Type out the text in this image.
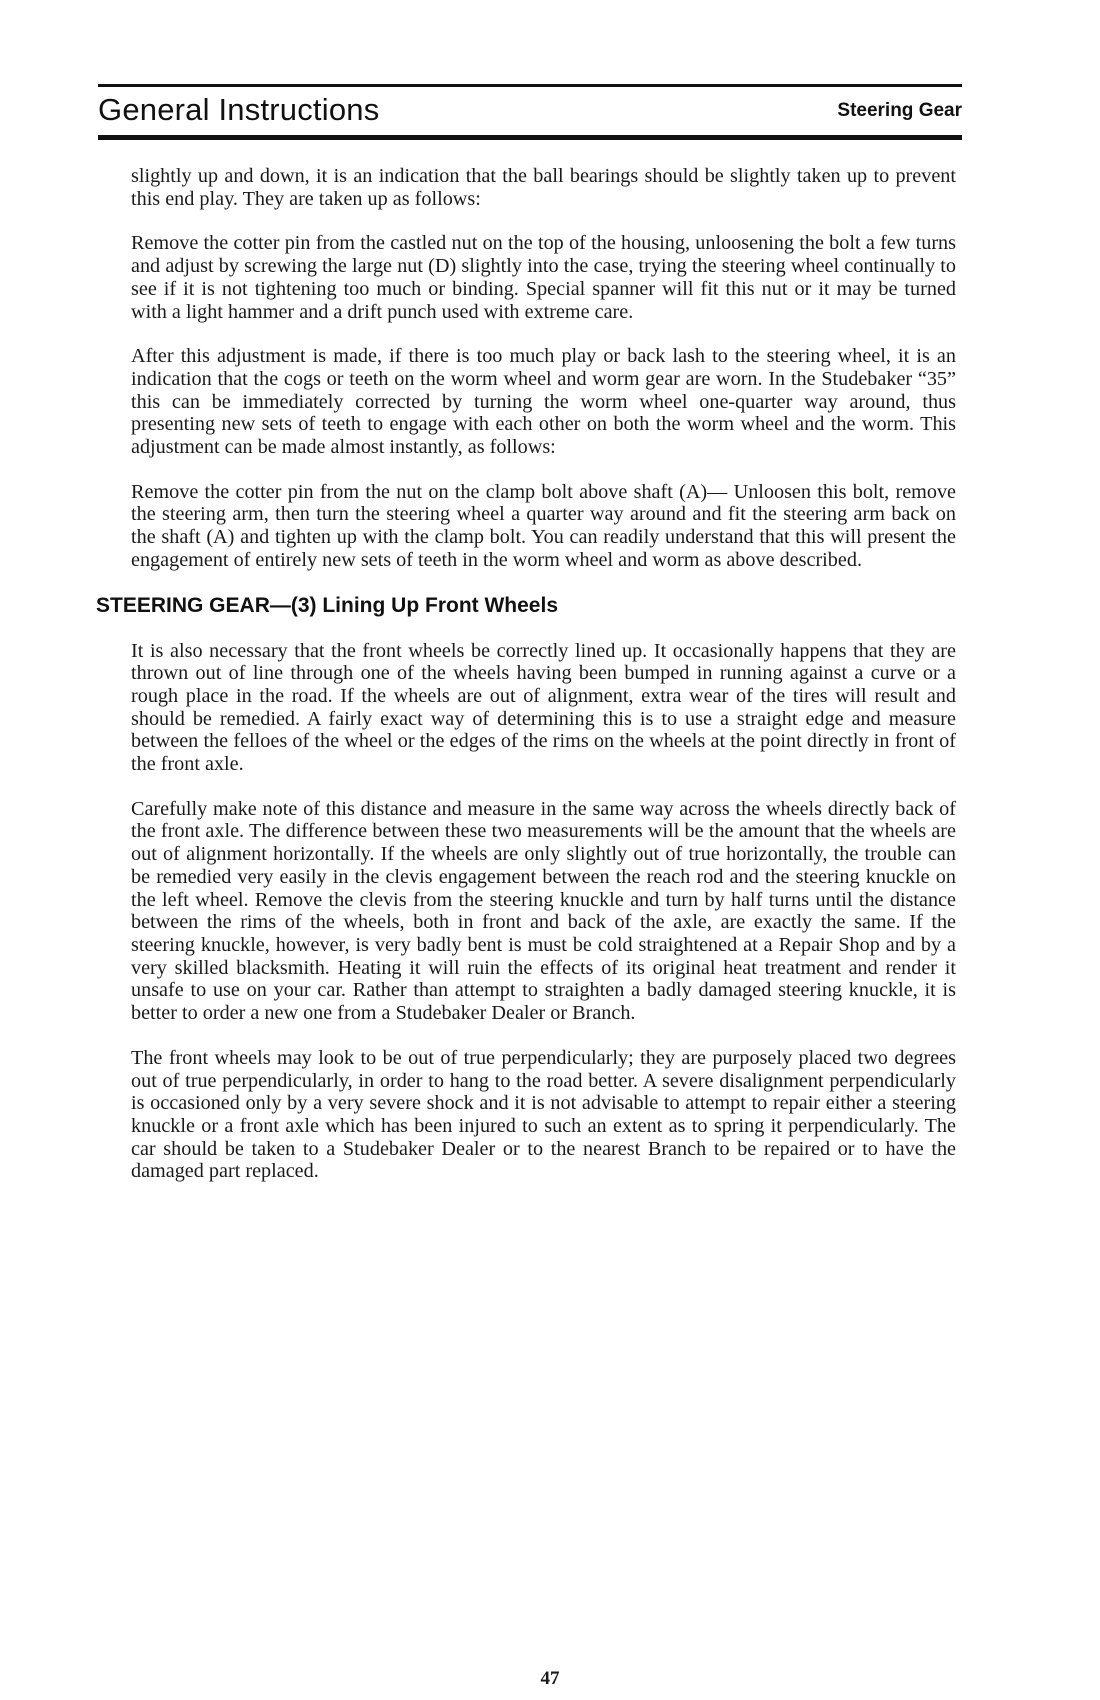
General Instructions	Steering Gear

slightly up and down, it is an indication that the ball bearings should be slightly taken up to prevent this end play. They are taken up as follows:

Remove the cotter pin from the castled nut on the top of the housing, unloosening the bolt a few turns and adjust by screwing the large nut (D) slightly into the case, trying the steering wheel continually to see if it is not tightening too much or binding. Special spanner will fit this nut or it may be turned with a light hammer and a drift punch used with extreme care.

After this adjustment is made, if there is too much play or back lash to the steering wheel, it is an indication that the cogs or teeth on the worm wheel and worm gear are worn. In the Studebaker “35” this can be immediately corrected by turning the worm wheel one-quarter way around, thus presenting new sets of teeth to engage with each other on both the worm wheel and the worm. This adjustment can be made almost instantly, as follows:

Remove the cotter pin from the nut on the clamp bolt above shaft (A)— Unloosen this bolt, remove the steering arm, then turn the steering wheel a quarter way around and fit the steering arm back on the shaft (A) and tighten up with the clamp bolt. You can readily understand that this will present the engagement of entirely new sets of teeth in the worm wheel and worm as above described.

STEERING GEAR—(3) Lining Up Front Wheels

It is also necessary that the front wheels be correctly lined up. It occasionally happens that they are thrown out of line through one of the wheels having been bumped in running against a curve or a rough place in the road. If the wheels are out of alignment, extra wear of the tires will result and should be remedied. A fairly exact way of determining this is to use a straight edge and measure between the felloes of the wheel or the edges of the rims on the wheels at the point directly in front of the front axle.

Carefully make note of this distance and measure in the same way across the wheels directly back of the front axle. The difference between these two measurements will be the amount that the wheels are out of alignment horizontally. If the wheels are only slightly out of true horizontally, the trouble can be remedied very easily in the clevis engagement between the reach rod and the steering knuckle on the left wheel. Remove the clevis from the steering knuckle and turn by half turns until the distance between the rims of the wheels, both in front and back of the axle, are exactly the same. If the steering knuckle, however, is very badly bent is must be cold straightened at a Repair Shop and by a very skilled blacksmith. Heating it will ruin the effects of its original heat treatment and render it unsafe to use on your car. Rather than attempt to straighten a badly damaged steering knuckle, it is better to order a new one from a Studebaker Dealer or Branch.

The front wheels may look to be out of true perpendicularly; they are purposely placed two degrees out of true perpendicularly, in order to hang to the road better. A severe disalignment perpendicularly is occasioned only by a very severe shock and it is not advisable to attempt to repair either a steering knuckle or a front axle which has been injured to such an extent as to spring it perpendicularly. The car should be taken to a Studebaker Dealer or to the nearest Branch to be repaired or to have the damaged part replaced.

47
